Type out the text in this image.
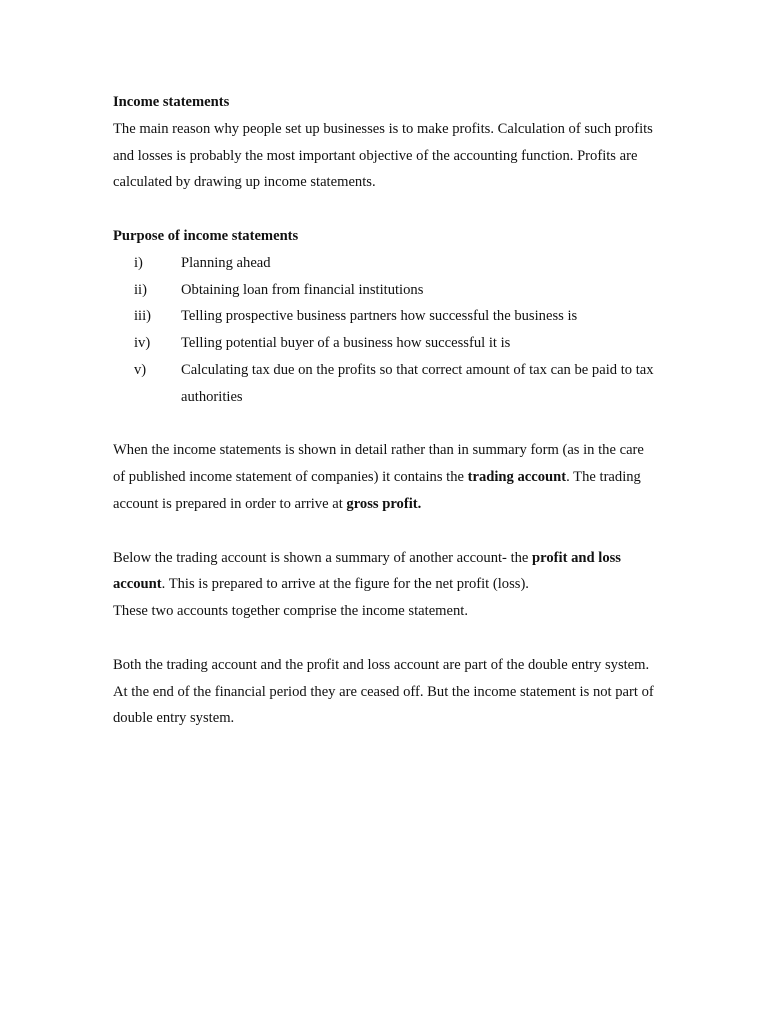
Income statements

The main reason why people set up businesses is to make profits. Calculation of such profits and losses is probably the most important objective of the accounting function. Profits are calculated by drawing up income statements.

Purpose of income statements

i)	Planning ahead
ii)	Obtaining loan from financial institutions
iii)	Telling prospective business partners how successful the business is
iv)	Telling potential buyer of a business how successful it is
v)	Calculating tax due on the profits so that correct amount of tax can be paid to tax authorities

When the income statements is shown in detail rather than in summary form (as in the care of published income statement of companies) it contains the trading account. The trading account is prepared in order to arrive at gross profit.

Below the trading account is shown a summary of another account- the profit and loss account. This is prepared to arrive at the figure for the net profit (loss).

These two accounts together comprise the income statement.

Both the trading account and the profit and loss account are part of the double entry system. At the end of the financial period they are ceased off. But the income statement is not part of double entry system.
